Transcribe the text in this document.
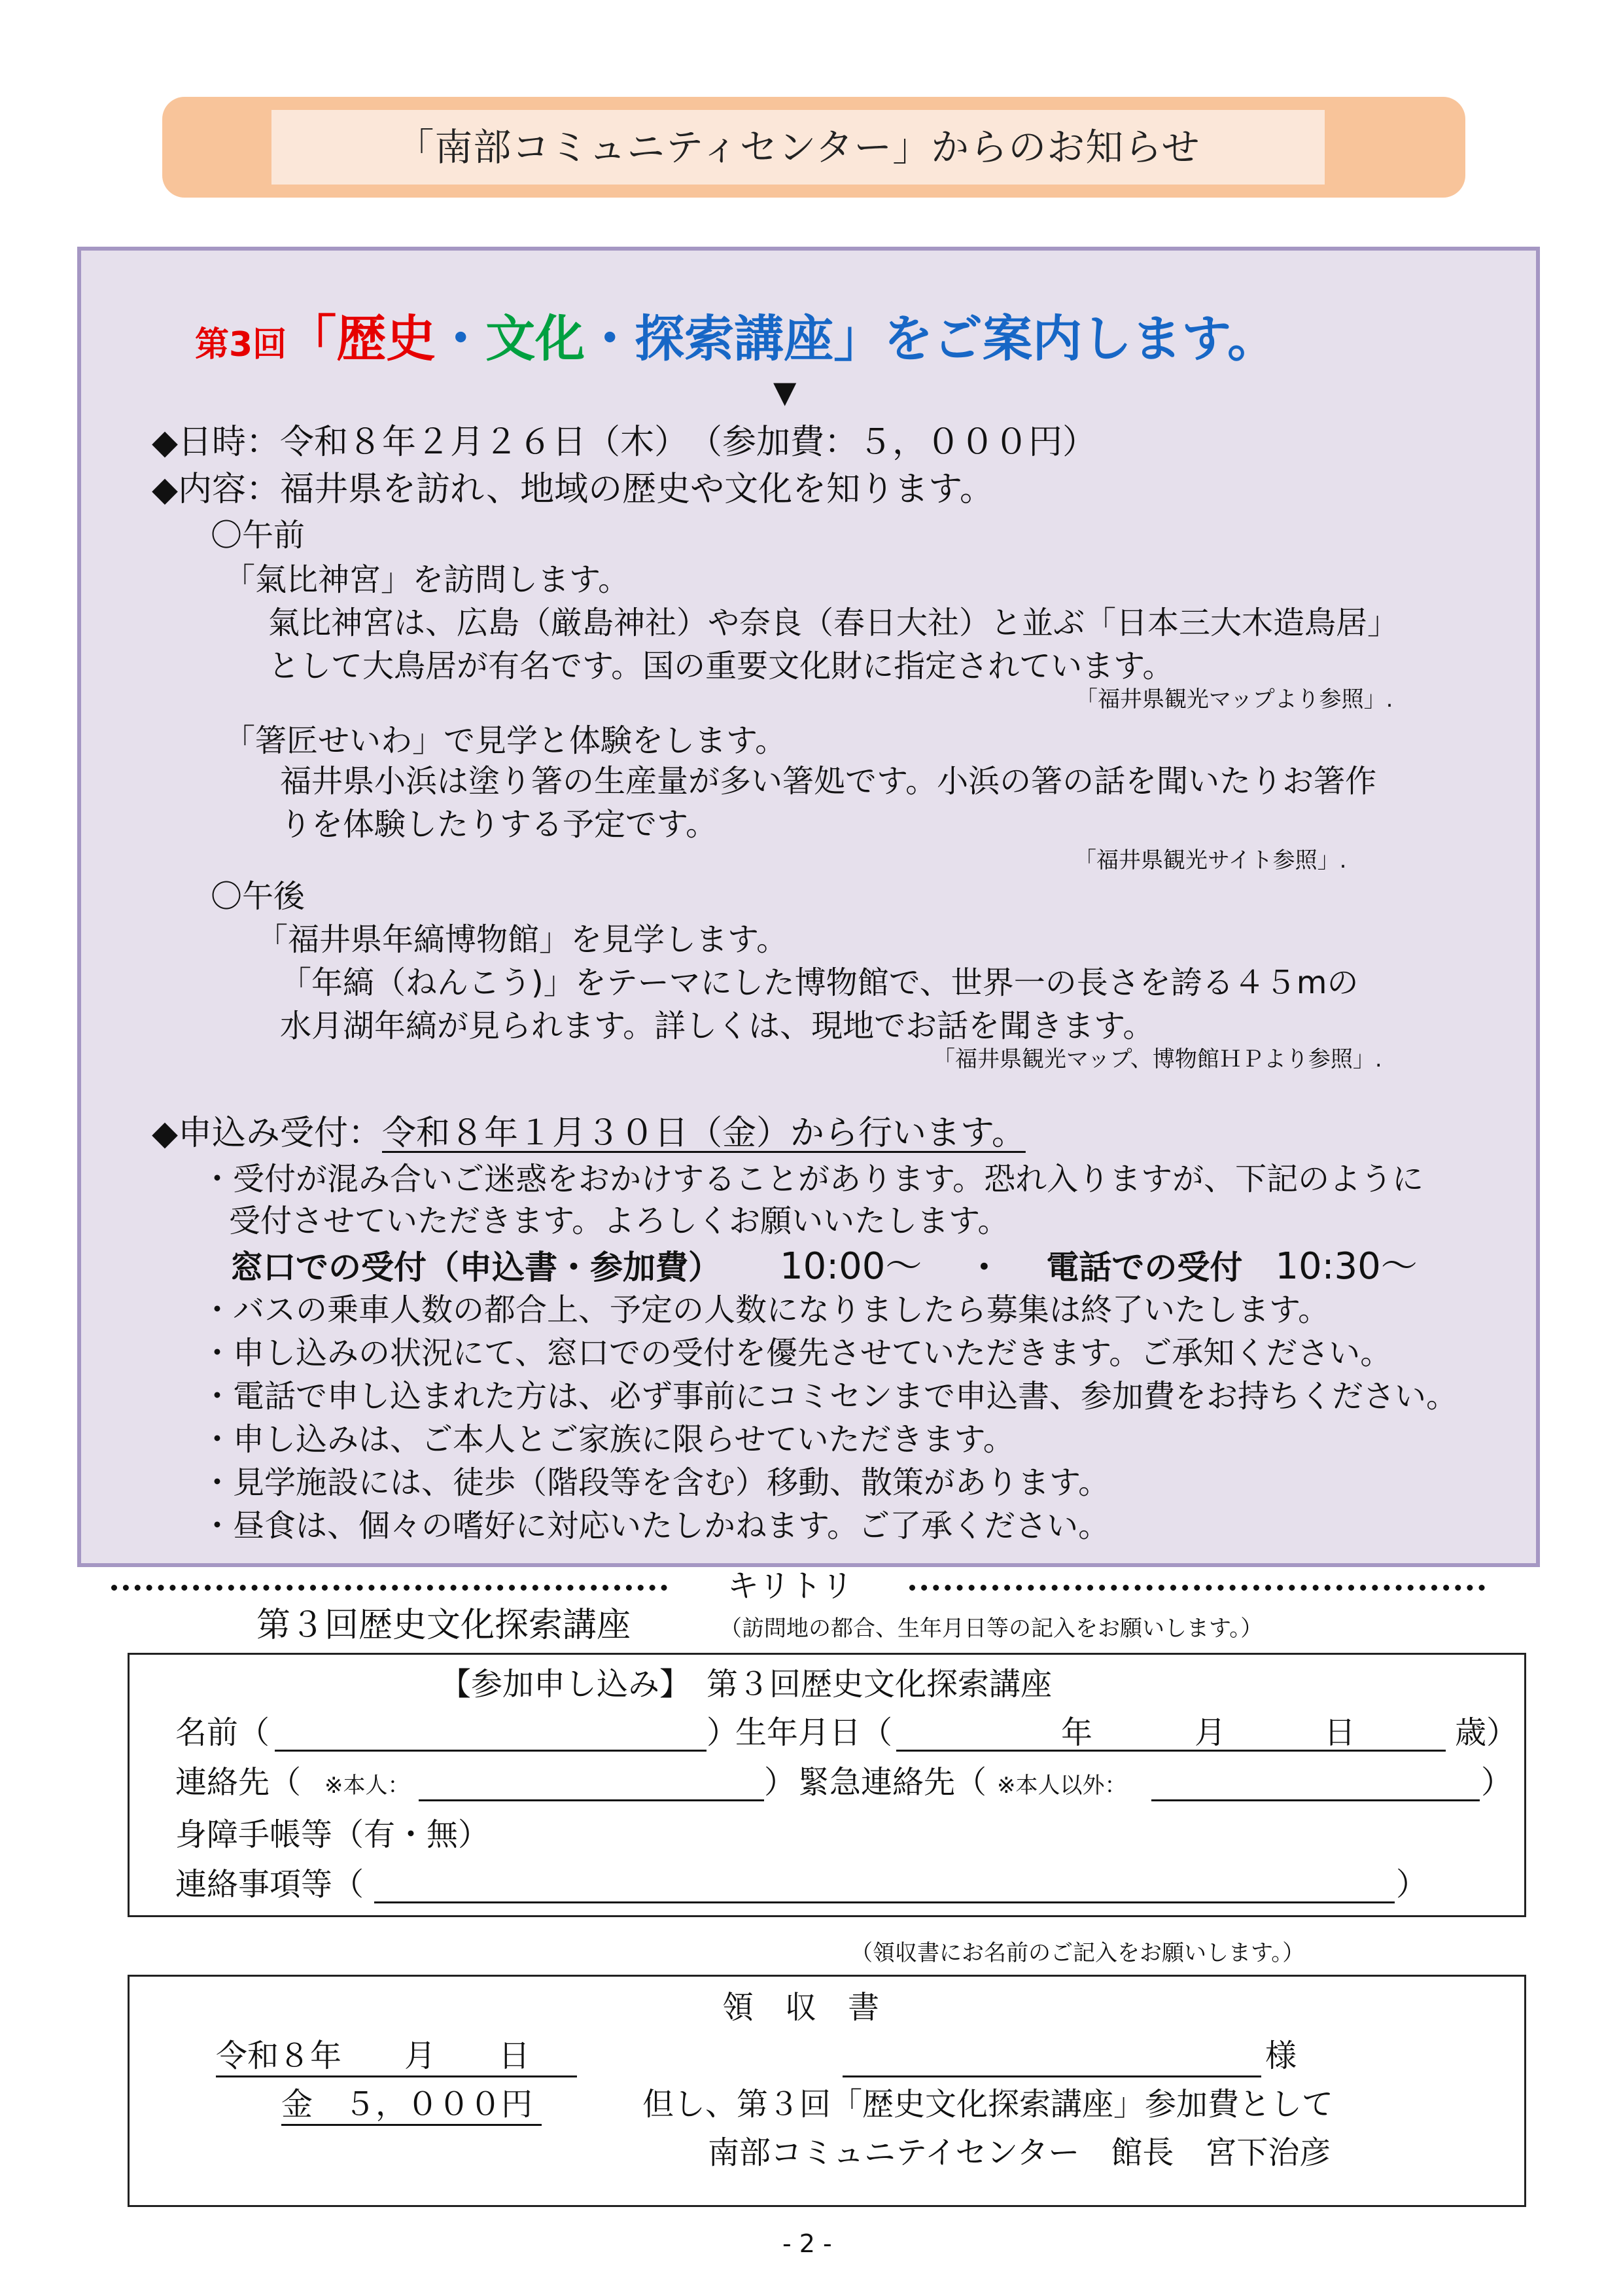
「南部コミュニティセンター」からのお知らせ
第3回「歴史・文化・探索講座」をご案内します。
▼
◆日時：令和８年２月２６日（木）　（参加費：５，０００円）
◆内容：福井県を訪れ、地域の歴史や文化を知ります。
〇午前
「氣比神宮」を訪問します。
氣比神宮は、広島（厳島神社）や奈良（春日大社）と並ぶ「日本三大木造鳥居」
として大鳥居が有名です。国の重要文化財に指定されています。
「福井県観光マップより参照」.
「箸匠せいわ」で見学と体験をします。
福井県小浜は塗り箸の生産量が多い箸処です。小浜の箸の話を聞いたりお箸作
りを体験したりする予定です。
「福井県観光サイト参照」.
〇午後
「福井県年縞博物館」を見学します。
「年縞（ねんこう)」をテーマにした博物館で、世界一の長さを誇る４５mの
水月湖年縞が見られます。詳しくは、現地でお話を聞きます。
「福井県観光マップ、博物館ＨＰより参照」.
◆申込み受付：令和８年１月３０日（金）から行います。
・受付が混み合いご迷惑をおかけすることがあります。恐れ入りますが、下記のように
受付させていただきます。よろしくお願いいたします。
窓口での受付（申込書・参加費） 10:00～ ・ 電話での受付 10:30～
・バスの乗車人数の都合上、予定の人数になりましたら募集は終了いたします。
・申し込みの状況にて、窓口での受付を優先させていただきます。ご承知ください。
・電話で申し込まれた方は、必ず事前にコミセンまで申込書、参加費をお持ちください。
・申し込みは、ご本人とご家族に限らせていただきます。
・見学施設には、徒歩（階段等を含む）移動、散策があります。
・昼食は、個々の嗜好に対応いたしかねます。ご了承ください。
キリトリ
第３回歴史文化探索講座	（訪問地の都合、生年月日等の記入をお願いします。）
【参加申し込み】　第３回歴史文化探索講座
名前（	）
生年月日（	年	月	日	歳）
連絡先（ ※本人：	） 緊急連絡先（ ※本人以外：	）
身障手帳等（有・無）
連絡事項等（	）
（領収書にお名前のご記入をお願いします。）
領　収　書
令和８年　　月　　日	様
金　５，０００円	但し、第３回「歴史文化探索講座」参加費として
南部コミュニテイセンター　館長　宮下治彦
- 2 -
